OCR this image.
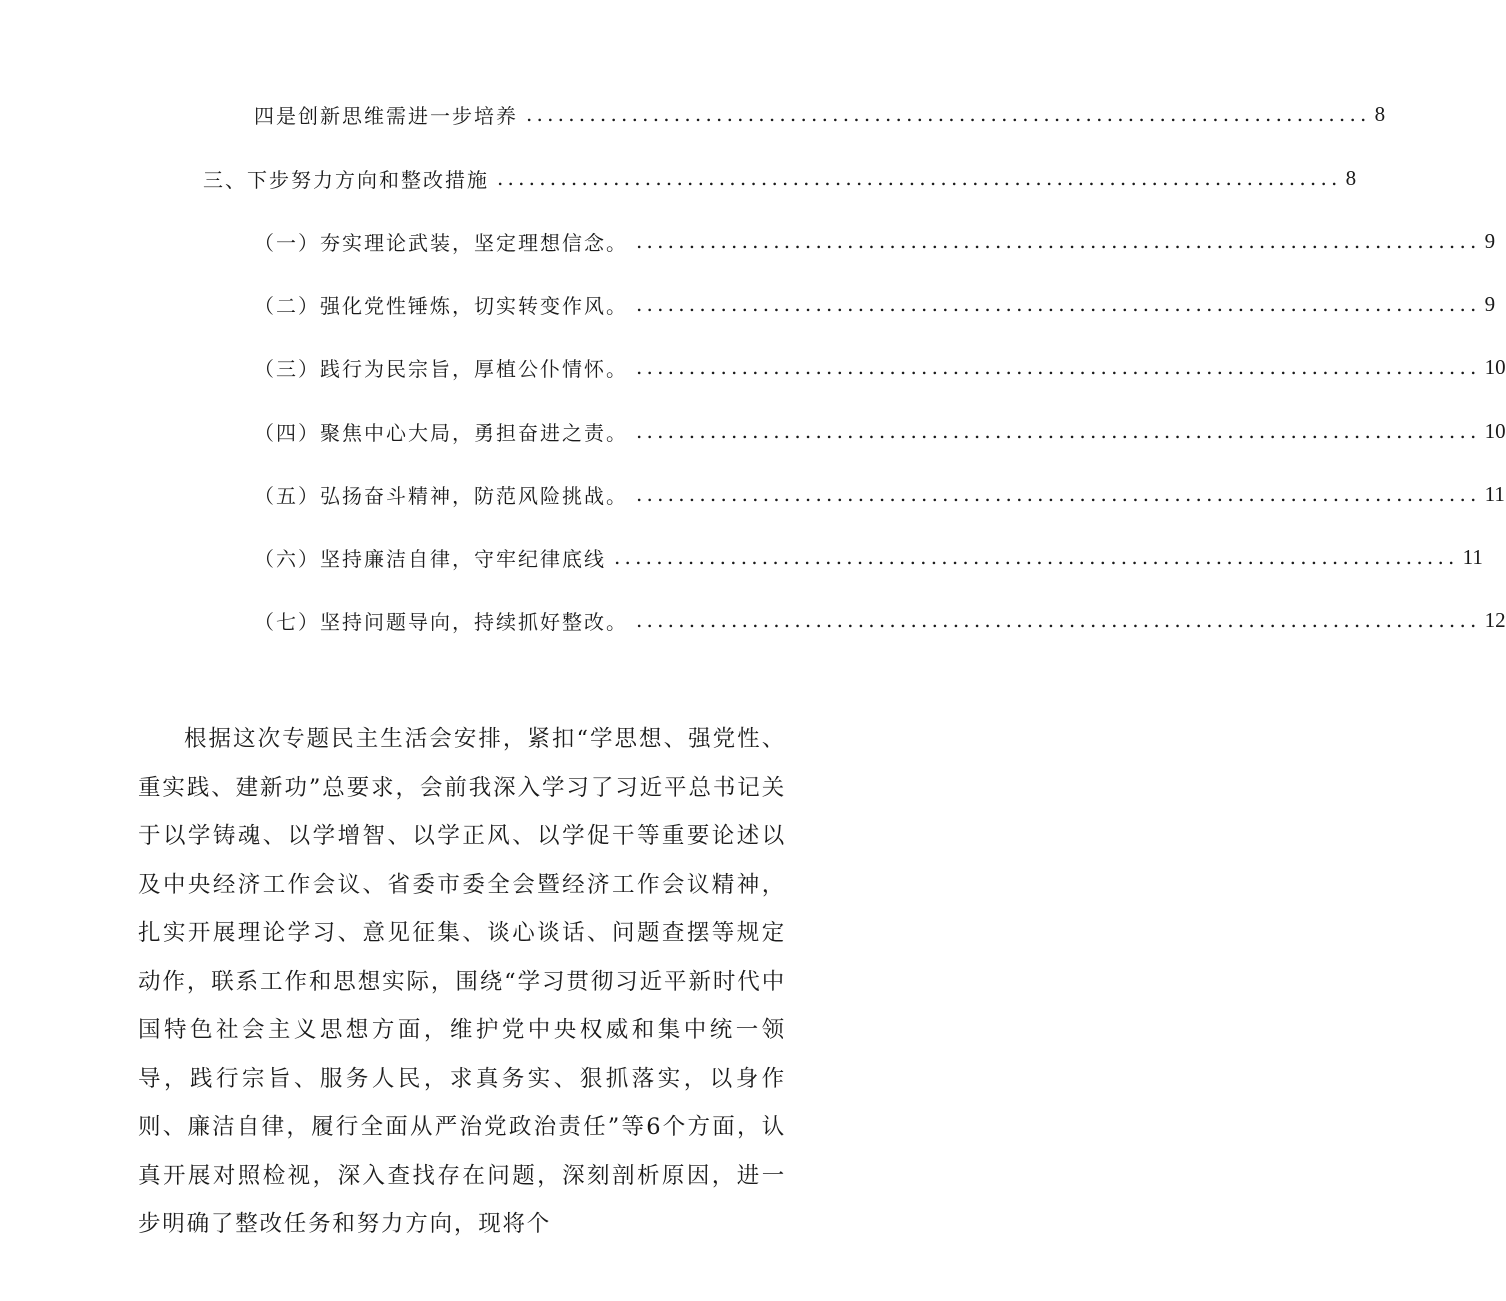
四是创新思维需进一步培养 ................................................................................ 8
三、下步努力方向和整改措施 ................................................................................ 8
（一）夯实理论武装，坚定理想信念。 ................................................................................ 9
（二）强化党性锤炼，切实转变作风。 ................................................................................ 9
（三）践行为民宗旨，厚植公仆情怀。 ................................................................................ 10
（四）聚焦中心大局，勇担奋进之责。 ................................................................................ 10
（五）弘扬奋斗精神，防范风险挑战。 ................................................................................ 11
（六）坚持廉洁自律，守牢纪律底线 ................................................................................ 11
（七）坚持问题导向，持续抓好整改。 ................................................................................ 12

根据这次专题民主生活会安排，紧扣“学思想、强党性、重实践、建新功”总要求，会前我深入学习了习近平总书记关于以学铸魂、以学增智、以学正风、以学促干等重要论述以及中央经济工作会议、省委市委全会暨经济工作会议精神，扎实开展理论学习、意见征集、谈心谈话、问题查摆等规定动作，联系工作和思想实际，围绕“学习贯彻习近平新时代中国特色社会主义思想方面，维护党中央权威和集中统一领导，践行宗旨、服务人民，求真务实、狠抓落实，以身作则、廉洁自律，履行全面从严治党政治责任”等6个方面，认真开展对照检视，深入查找存在问题，深刻剖析原因，进一步明确了整改任务和努力方向，现将个
